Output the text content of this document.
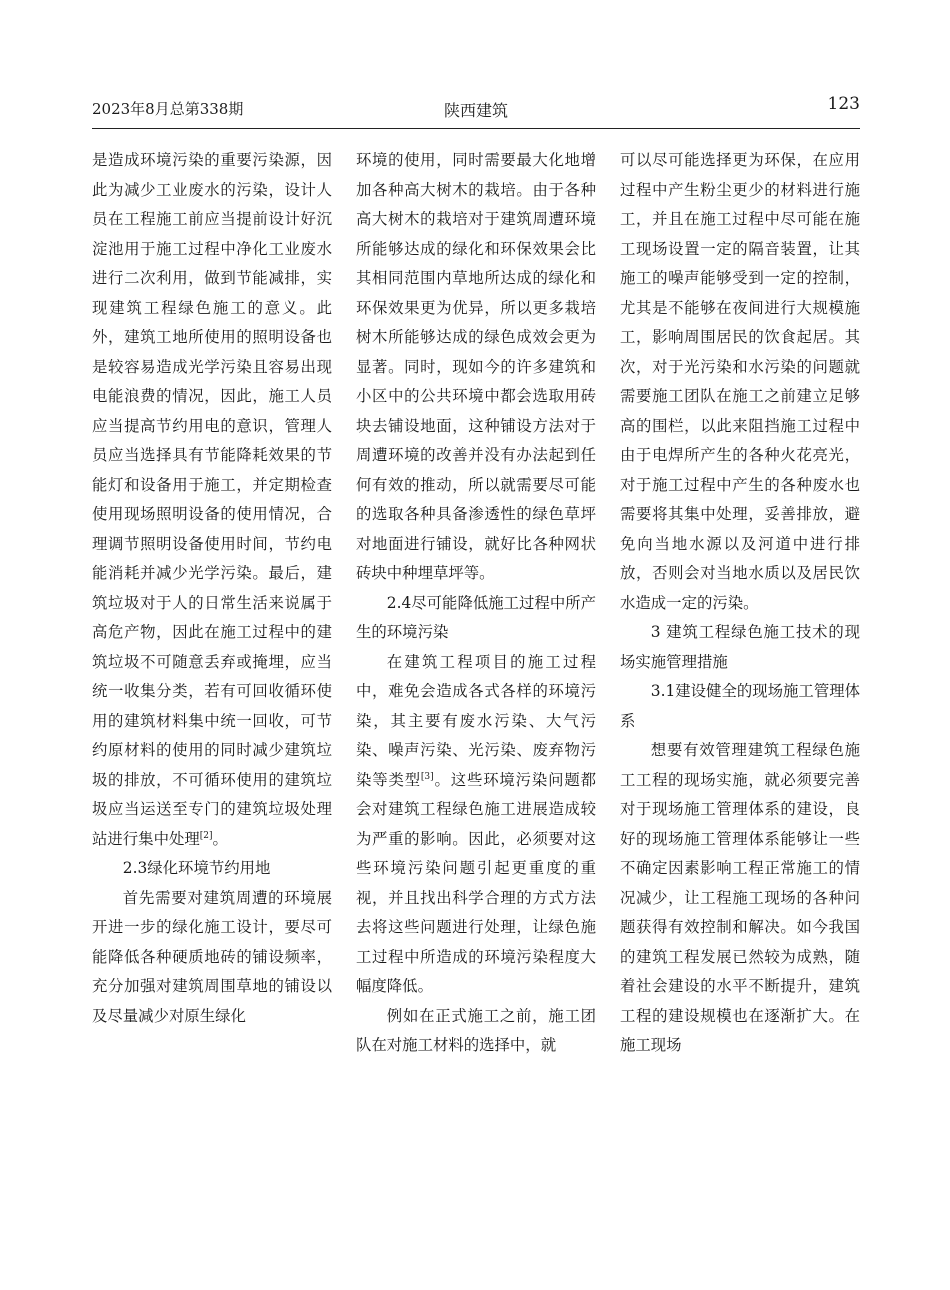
2023年8月总第338期	陕西建筑	123

是造成环境污染的重要污染源，因此为减少工业废水的污染，设计人员在工程施工前应当提前设计好沉淀池用于施工过程中净化工业废水进行二次利用，做到节能减排，实现建筑工程绿色施工的意义。此外，建筑工地所使用的照明设备也是较容易造成光学污染且容易出现电能浪费的情况，因此，施工人员应当提高节约用电的意识，管理人员应当选择具有节能降耗效果的节能灯和设备用于施工，并定期检查使用现场照明设备的使用情况，合理调节照明设备使用时间，节约电能消耗并减少光学污染。最后，建筑垃圾对于人的日常生活来说属于高危产物，因此在施工过程中的建筑垃圾不可随意丢弃或掩埋，应当统一收集分类，若有可回收循环使用的建筑材料集中统一回收，可节约原材料的使用的同时减少建筑垃圾的排放，不可循环使用的建筑垃圾应当运送至专门的建筑垃圾处理站进行集中处理[2]。

2.3绿化环境节约用地

首先需要对建筑周遭的环境展开进一步的绿化施工设计，要尽可能降低各种硬质地砖的铺设频率，充分加强对建筑周围草地的铺设以及尽量减少对原生绿化

环境的使用，同时需要最大化地增加各种高大树木的栽培。由于各种高大树木的栽培对于建筑周遭环境所能够达成的绿化和环保效果会比其相同范围内草地所达成的绿化和环保效果更为优异，所以更多栽培树木所能够达成的绿色成效会更为显著。同时，现如今的许多建筑和小区中的公共环境中都会选取用砖块去铺设地面，这种铺设方法对于周遭环境的改善并没有办法起到任何有效的推动，所以就需要尽可能的选取各种具备渗透性的绿色草坪对地面进行铺设，就好比各种网状砖块中种埋草坪等。

2.4尽可能降低施工过程中所产生的环境污染

在建筑工程项目的施工过程中，难免会造成各式各样的环境污染，其主要有废水污染、大气污染、噪声污染、光污染、废弃物污染等类型[3]。这些环境污染问题都会对建筑工程绿色施工进展造成较为严重的影响。因此，必须要对这些环境污染问题引起更重度的重视，并且找出科学合理的方式方法去将这些问题进行处理，让绿色施工过程中所造成的环境污染程度大幅度降低。

例如在正式施工之前，施工团队在对施工材料的选择中，就

可以尽可能选择更为环保，在应用过程中产生粉尘更少的材料进行施工，并且在施工过程中尽可能在施工现场设置一定的隔音装置，让其施工的噪声能够受到一定的控制，尤其是不能够在夜间进行大规模施工，影响周围居民的饮食起居。其次，对于光污染和水污染的问题就需要施工团队在施工之前建立足够高的围栏，以此来阻挡施工过程中由于电焊所产生的各种火花亮光，对于施工过程中产生的各种废水也需要将其集中处理，妥善排放，避免向当地水源以及河道中进行排放，否则会对当地水质以及居民饮水造成一定的污染。

3 建筑工程绿色施工技术的现场实施管理措施
3.1建设健全的现场施工管理体系

想要有效管理建筑工程绿色施工工程的现场实施，就必须要完善对于现场施工管理体系的建设，良好的现场施工管理体系能够让一些不确定因素影响工程正常施工的情况减少，让工程施工现场的各种问题获得有效控制和解决。如今我国的建筑工程发展已然较为成熟，随着社会建设的水平不断提升，建筑工程的建设规模也在逐渐扩大。在施工现场
